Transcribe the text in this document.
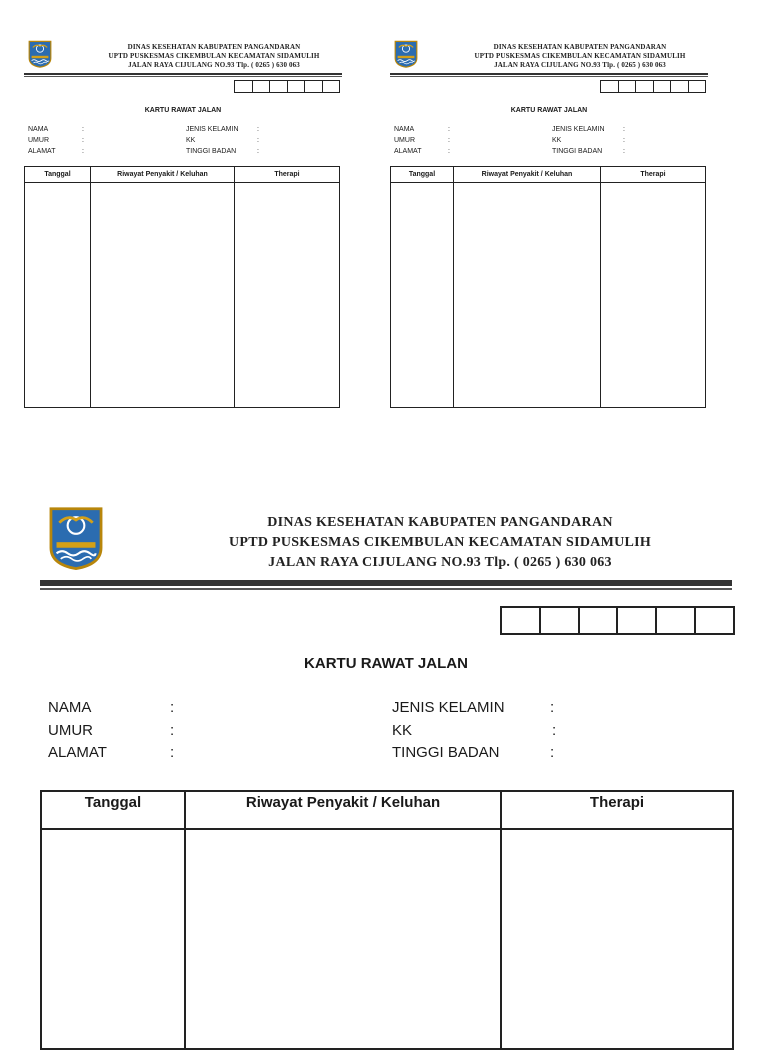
DINAS KESEHATAN KABUPATEN PANGANDARAN
UPTD PUSKESMAS CIKEMBULAN KECAMATAN SIDAMULIH
JALAN RAYA CIJULANG NO.93 Tlp. ( 0265 ) 630 063
KARTU RAWAT JALAN
NAMA	:
UMUR	:
ALAMAT	:
JENIS KELAMIN	:
KK	:
TINGGI BADAN	:
Tanggal	Riwayat Penyakit / Keluhan	Therapi

DINAS KESEHATAN KABUPATEN PANGANDARAN
UPTD PUSKESMAS CIKEMBULAN KECAMATAN SIDAMULIH
JALAN RAYA CIJULANG NO.93 Tlp. ( 0265 ) 630 063
KARTU RAWAT JALAN
NAMA	:
UMUR	:
ALAMAT	:
JENIS KELAMIN	:
KK	:
TINGGI BADAN	:
Tanggal	Riwayat Penyakit / Keluhan	Therapi

DINAS KESEHATAN KABUPATEN PANGANDARAN
UPTD PUSKESMAS CIKEMBULAN KECAMATAN SIDAMULIH
JALAN RAYA CIJULANG NO.93 Tlp. ( 0265 ) 630 063
KARTU RAWAT JALAN
NAMA	:
UMUR	:
ALAMAT	:
JENIS KELAMIN	:
KK	:
TINGGI BADAN	:
Tanggal	Riwayat Penyakit / Keluhan	Therapi
